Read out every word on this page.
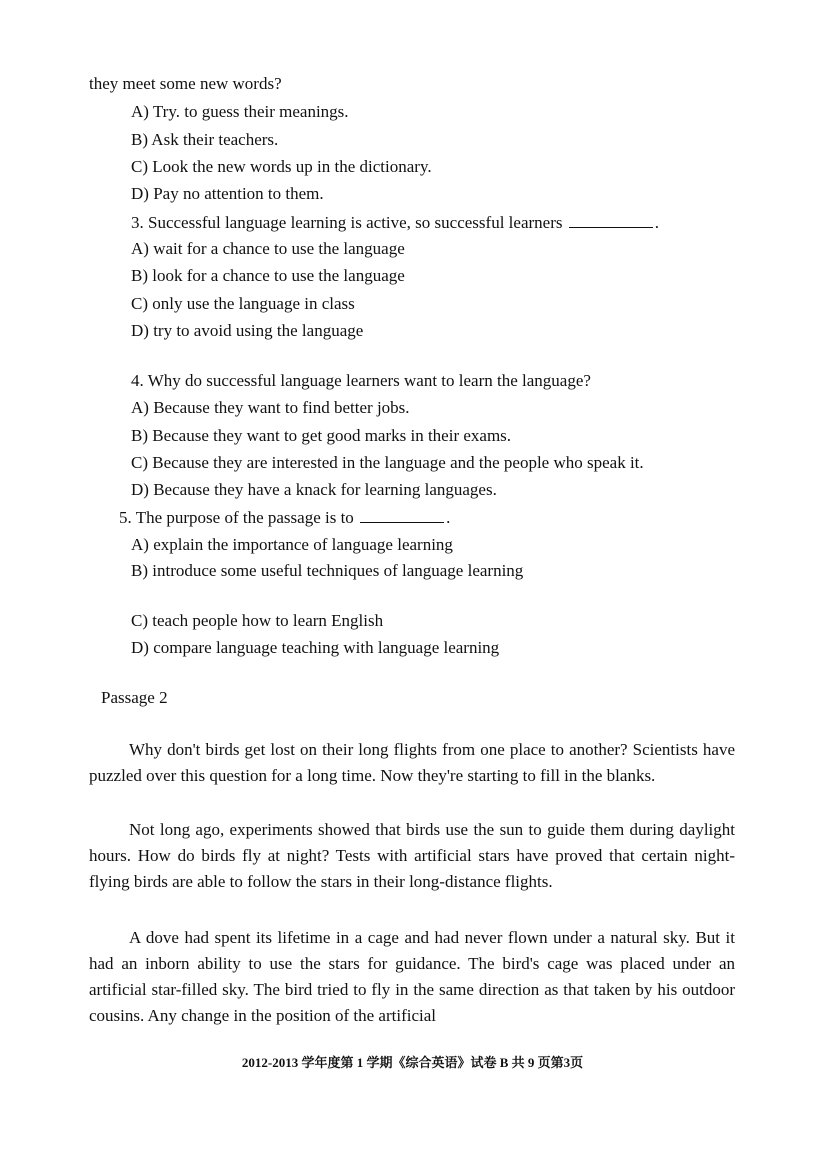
they meet some new words?
A) Try. to guess their meanings.
B) Ask their teachers.
C) Look the new words up in the dictionary.
D) Pay no attention to them.
3. Successful language learning is active, so successful learners	.
A) wait for a chance to use the language
B) look for a chance to use the language
C) only use the language in class
D) try to avoid using the language
4. Why do successful language learners want to learn the language?
A) Because they want to find better jobs.
B) Because they want to get good marks in their exams.
C) Because they are interested in the language and the people who speak it.
D) Because they have a knack for learning languages.
5. The purpose of the passage is to	.
A) explain the importance of language learning
B) introduce some useful techniques of language learning
C) teach people how to learn English
D) compare language teaching with language learning
Passage 2
Why don't birds get lost on their long flights from one place to another? Scientists have puzzled over this question for a long time. Now they're starting to fill in the blanks.
Not long ago, experiments showed that birds use the sun to guide them during daylight hours. How do birds fly at night? Tests with artificial stars have proved that certain night-flying birds are able to follow the stars in their long-distance flights.
A dove had spent its lifetime in a cage and had never flown under a natural sky. But it had an inborn ability to use the stars for guidance. The bird's cage was placed under an artificial star-filled sky. The bird tried to fly in the same direction as that taken by his outdoor cousins. Any change in the position of the artificial
2012-2013 学年度第 1 学期《综合英语》试卷 B 共 9 页第3页
